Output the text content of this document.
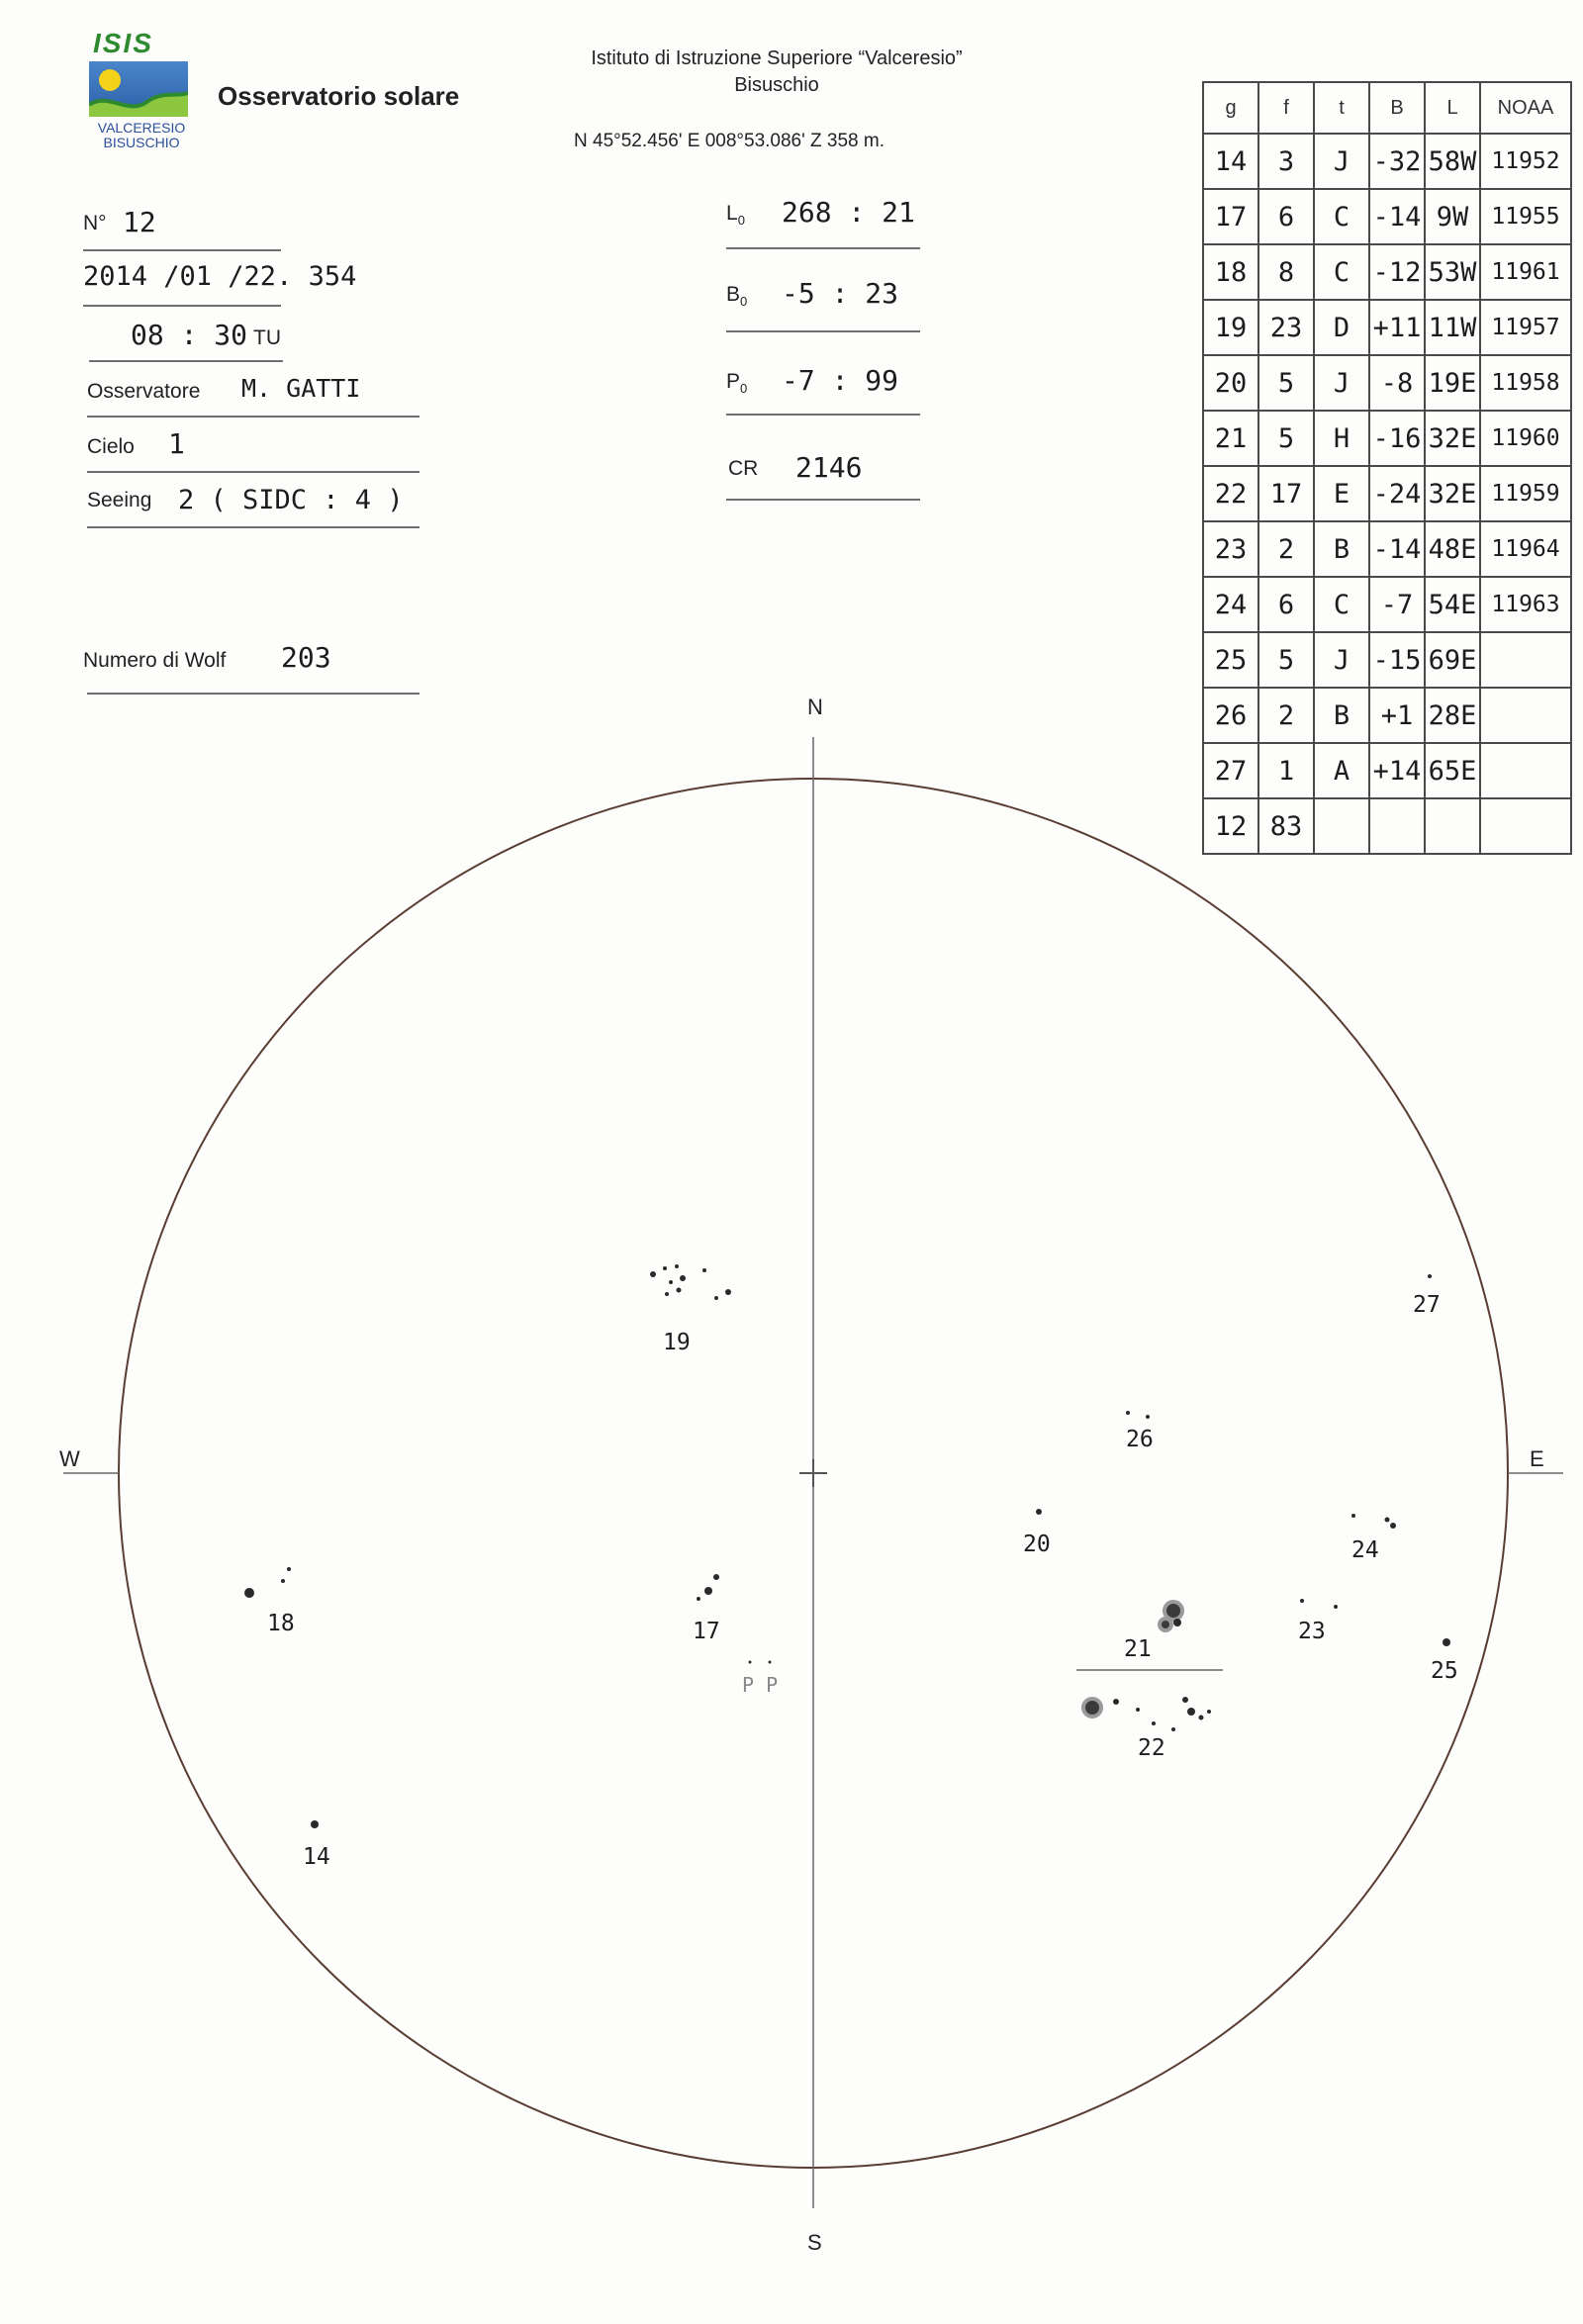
ISIS
VALCERESIO
BISUSCHIO
Osservatorio solare
Istituto di Istruzione Superiore “Valceresio”
Bisuschio
N 45°52.456' E 008°53.086' Z 358 m.
N° 12
2014 /01 /22. 354
08 : 30 TU
Osservatore M. GATTI
Cielo 1
Seeing 2 ( SIDC : 4 )
Numero di Wolf 203
$L_0$ 268 : 21
$B_0$ -5 : 23
$P_0$ -7 : 99
CR 2146
g	f	t	B	L	NOAA
14	3	J	-32	58W	11952
17	6	C	-14	9W	11955
18	8	C	-12	53W	11961
19	23	D	+11	11W	11957
20	5	J	-8	19E	11958
21	5	H	-16	32E	11960
22	17	E	-24	32E	11959
23	2	B	-14	48E	11964
24	6	C	-7	54E	11963
25	5	J	-15	69E	
26	2	B	+1	28E	
27	1	A	+14	65E	
12	83				
N
S
W	E
P P
19
27
26
20	24
18	17	23
21
25
22
14
